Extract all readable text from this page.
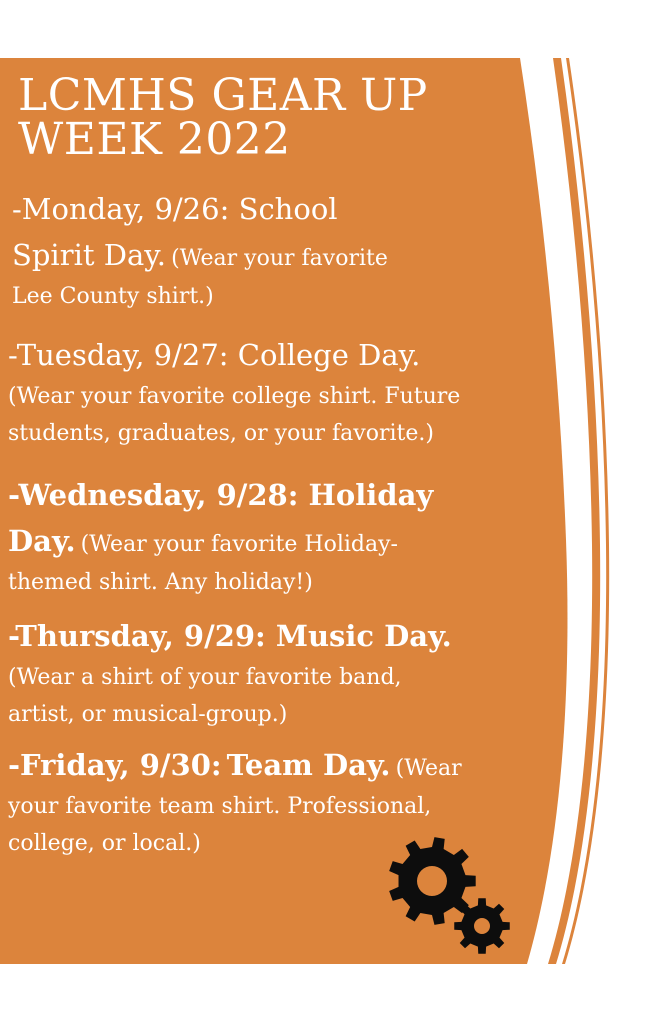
LCMHS GEAR UP
WEEK 2022
-Monday, 9/26: School
Spirit Day. (Wear your favorite
Lee County shirt.)
-Tuesday, 9/27: College Day.
(Wear your favorite college shirt. Future
students, graduates, or your favorite.)
-Wednesday, 9/28: Holiday
Day. (Wear your favorite Holiday-
themed shirt. Any holiday!)
-Thursday, 9/29: Music Day.
(Wear a shirt of your favorite band,
artist, or musical-group.)
-Friday, 9/30: Team Day. (Wear
your favorite team shirt. Professional,
college, or local.)
